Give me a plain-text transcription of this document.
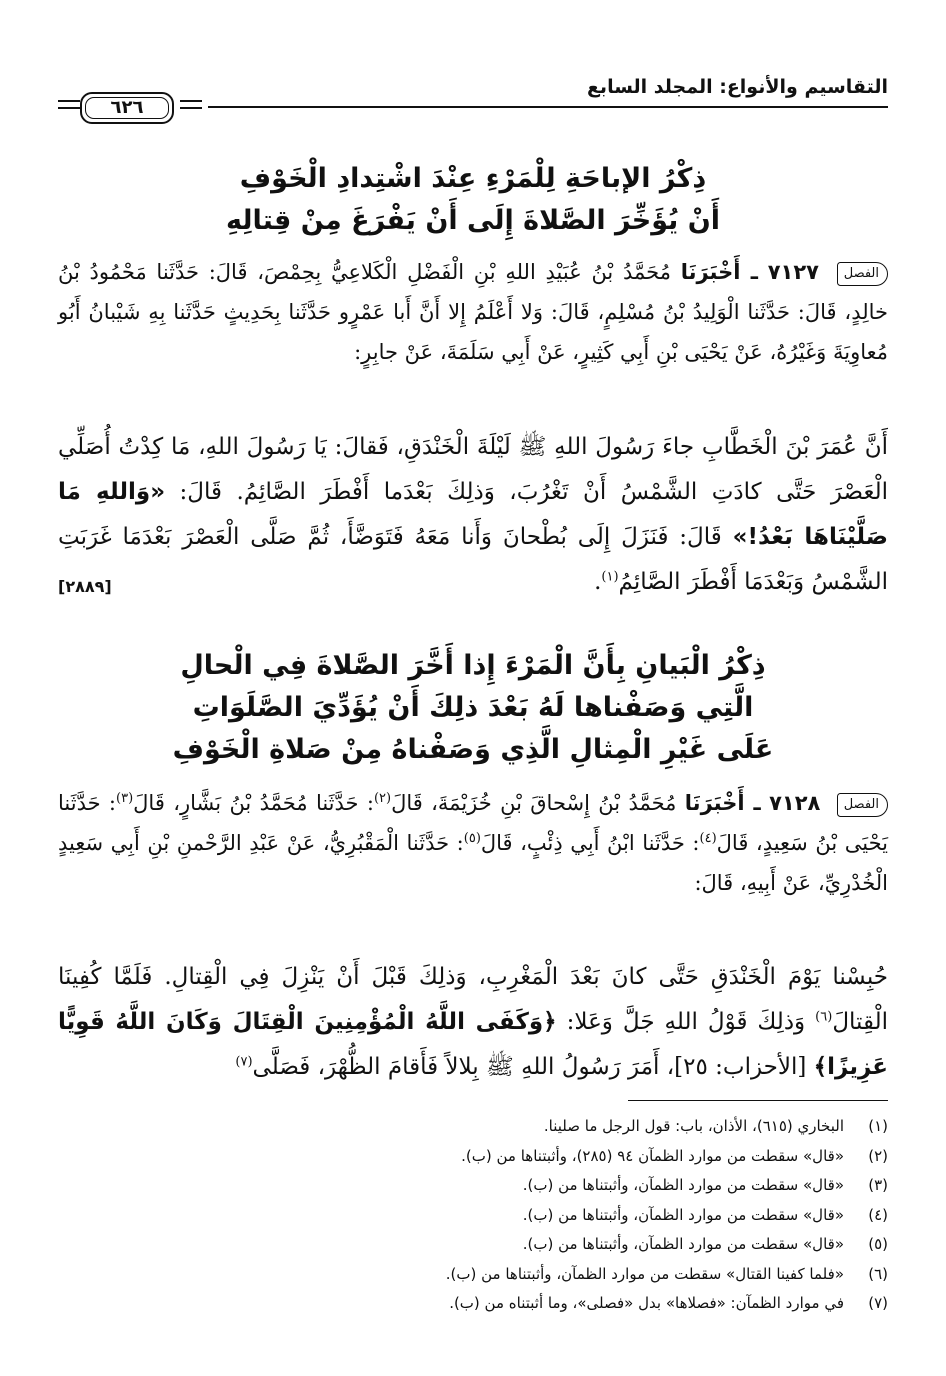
التقاسيم والأنواع: المجلد السابع
٦٢٦
ذِكْرُ الإباحَةِ لِلْمَرْءِ عِنْدَ اشْتِدادِ الْخَوْفِ
أَنْ يُؤَخِّرَ الصَّلاةَ إِلَى أَنْ يَفْرَغَ مِنْ قِتالِهِ
الفصل ٧١٢٧ ـ أَخْبَرَنَا مُحَمَّدُ بْنُ عُبَيْدِ اللهِ بْنِ الْفَضْلِ الْكَلاعِيُّ بِحِمْصَ، قَالَ: حَدَّثَنا مَحْمُودُ بْنُ خالِدٍ، قَالَ: حَدَّثَنا الْوَلِيدُ بْنُ مُسْلِمٍ، قَالَ: وَلا أَعْلَمُ إِلا أَنَّ أَبا عَمْرٍو حَدَّثَنا بِحَدِيثٍ حَدَّثَنا بِهِ شَيْبانُ أَبُو مُعاوِيَةَ وَغَيْرُهُ، عَنْ يَحْيَى بْنِ أَبِي كَثِيرٍ، عَنْ أَبِي سَلَمَةَ، عَنْ جابِرٍ:
أَنَّ عُمَرَ بْنَ الْخَطَّابِ جاءَ رَسُولَ اللهِ ﷺ لَيْلَةَ الْخَنْدَقِ، فَقالَ: يَا رَسُولَ اللهِ، مَا كِدْتُ أُصَلِّي الْعَصْرَ حَتَّى كادَتِ الشَّمْسُ أَنْ تَغْرُبَ، وَذلِكَ بَعْدَما أَفْطَرَ الصَّائِمُ. قَالَ: «وَاللهِ مَا صَلَّيْنَاهَا بَعْدُ!» قَالَ: فَنَزَلَ إِلَى بُطْحانَ وَأَنا مَعَهُ فَتَوَضَّأَ، ثُمَّ صَلَّى الْعَصْرَ بَعْدَمَا غَرَبَتِ الشَّمْسُ وَبَعْدَمَا أَفْطَرَ الصَّائِمُ$^{(١)}$.
[٢٨٨٩]
ذِكْرُ الْبَيانِ بِأَنَّ الْمَرْءَ إِذا أَخَّرَ الصَّلاةَ فِي الْحالِ
الَّتِي وَصَفْناها لَهُ بَعْدَ ذلِكَ أَنْ يُؤَدِّيَ الصَّلَوَاتِ
عَلَى غَيْرِ الْمِثالِ الَّذِي وَصَفْناهُ مِنْ صَلاةِ الْخَوْفِ
الفصل ٧١٢٨ ـ أَخْبَرَنَا مُحَمَّدُ بْنُ إِسْحاقَ بْنِ خُزَيْمَةَ، قَالَ$^{(٢)}$: حَدَّثَنا مُحَمَّدُ بْنُ بَشَّارٍ، قَالَ$^{(٣)}$: حَدَّثَنا يَحْيَى بْنُ سَعِيدٍ، قَالَ$^{(٤)}$: حَدَّثَنا ابْنُ أَبِي ذِئْبٍ، قَالَ$^{(٥)}$: حَدَّثَنا الْمَقْبُرِيُّ، عَنْ عَبْدِ الرَّحْمنِ بْنِ أَبِي سَعِيدٍ الْخُدْرِيِّ، عَنْ أَبِيهِ، قَالَ:
حُبِسْنا يَوْمَ الْخَنْدَقِ حَتَّى كانَ بَعْدَ الْمَغْرِبِ، وَذلِكَ قَبْلَ أَنْ يَنْزِلَ فِي الْقِتالِ. فَلَمَّا كُفِينَا الْقِتالَ$^{(٦)}$ وَذلِكَ قَوْلُ اللهِ جَلَّ وَعَلا: ﴿وَكَفَى اللَّهُ الْمُؤْمِنِينَ الْقِتَالَ وَكَانَ اللَّهُ قَوِيًّا عَزِيزًا﴾ [الأحزاب: ٢٥]، أَمَرَ رَسُولُ اللهِ ﷺ بِلالاً فَأَقامَ الظُّهْرَ، فَصَلَّى$^{(٧)}$
(١)
البخاري (٦١٥)، الأذان، باب: قول الرجل ما صلينا.
(٢)
«قال» سقطت من موارد الظمآن ٩٤ (٢٨٥)، وأثبتناها من (ب).
(٣)
«قال» سقطت من موارد الظمآن، وأثبتناها من (ب).
(٤)
«قال» سقطت من موارد الظمآن، وأثبتناها من (ب).
(٥)
«قال» سقطت من موارد الظمآن، وأثبتناها من (ب).
(٦)
«فلما كفينا القتال» سقطت من موارد الظمآن، وأثبتناها من (ب).
(٧)
في موارد الظمآن: «فصلاها» بدل «فصلى»، وما أثبتناه من (ب).
